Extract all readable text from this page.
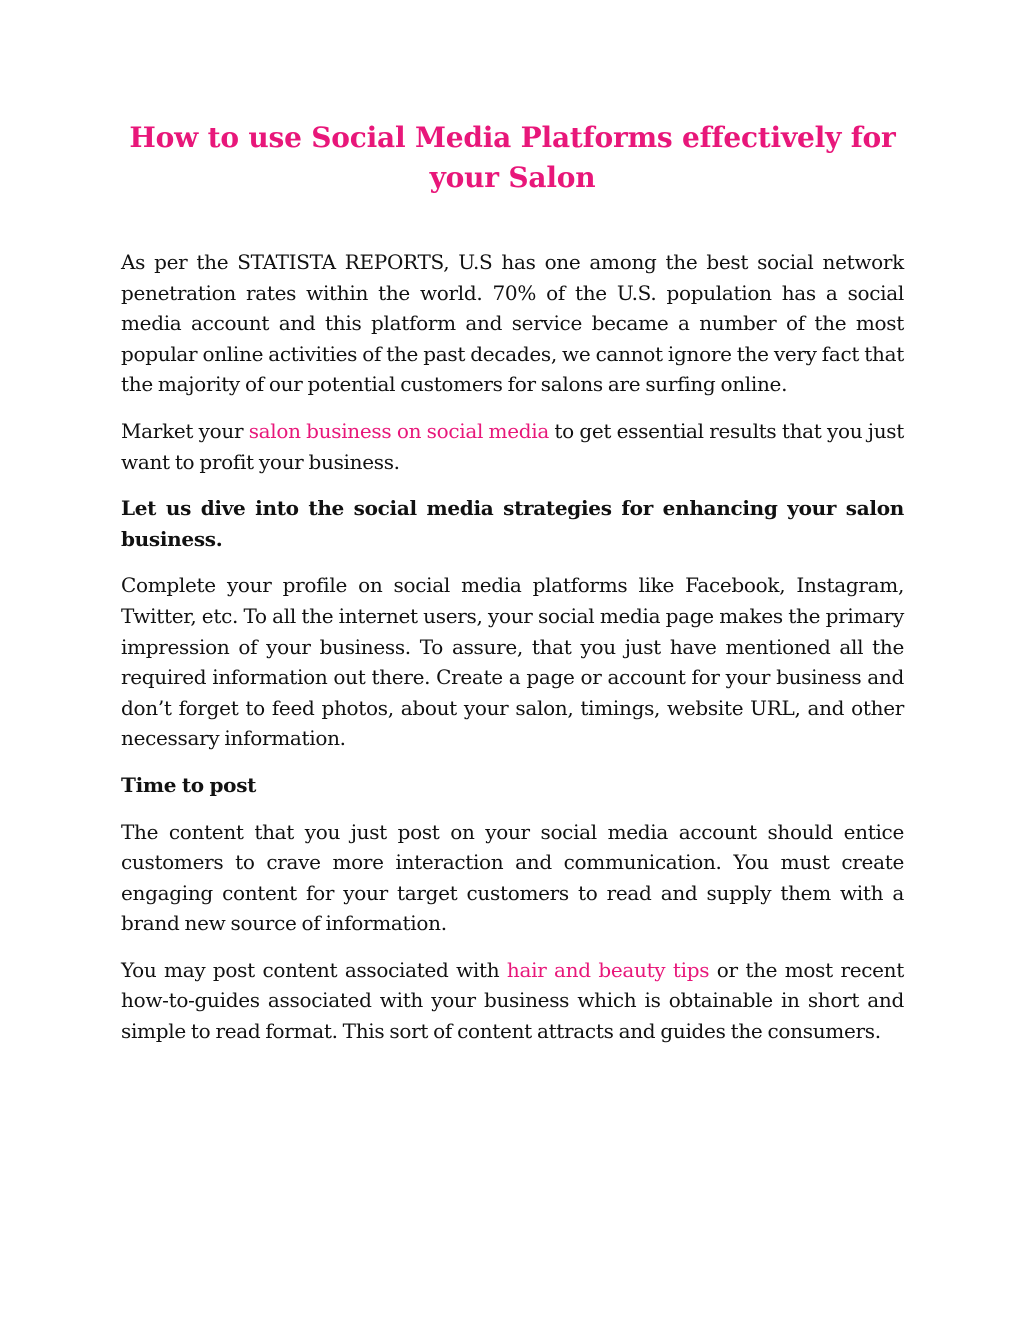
How to use Social Media Platforms effectively for your Salon

As per the STATISTA REPORTS, U.S has one among the best social network penetration rates within the world. 70% of the U.S. population has a social media account and this platform and service became a number of the most popular online activities of the past decades, we cannot ignore the very fact that the majority of our potential customers for salons are surfing online.

Market your salon business on social media to get essential results that you just want to profit your business.

Let us dive into the social media strategies for enhancing your salon business.

Complete your profile on social media platforms like Facebook, Instagram, Twitter, etc. To all the internet users, your social media page makes the primary impression of your business. To assure, that you just have mentioned all the required information out there. Create a page or account for your business and don’t forget to feed photos, about your salon, timings, website URL, and other necessary information.

Time to post

The content that you just post on your social media account should entice customers to crave more interaction and communication. You must create engaging content for your target customers to read and supply them with a brand new source of information.

You may post content associated with hair and beauty tips or the most recent how-to-guides associated with your business which is obtainable in short and simple to read format. This sort of content attracts and guides the consumers.
